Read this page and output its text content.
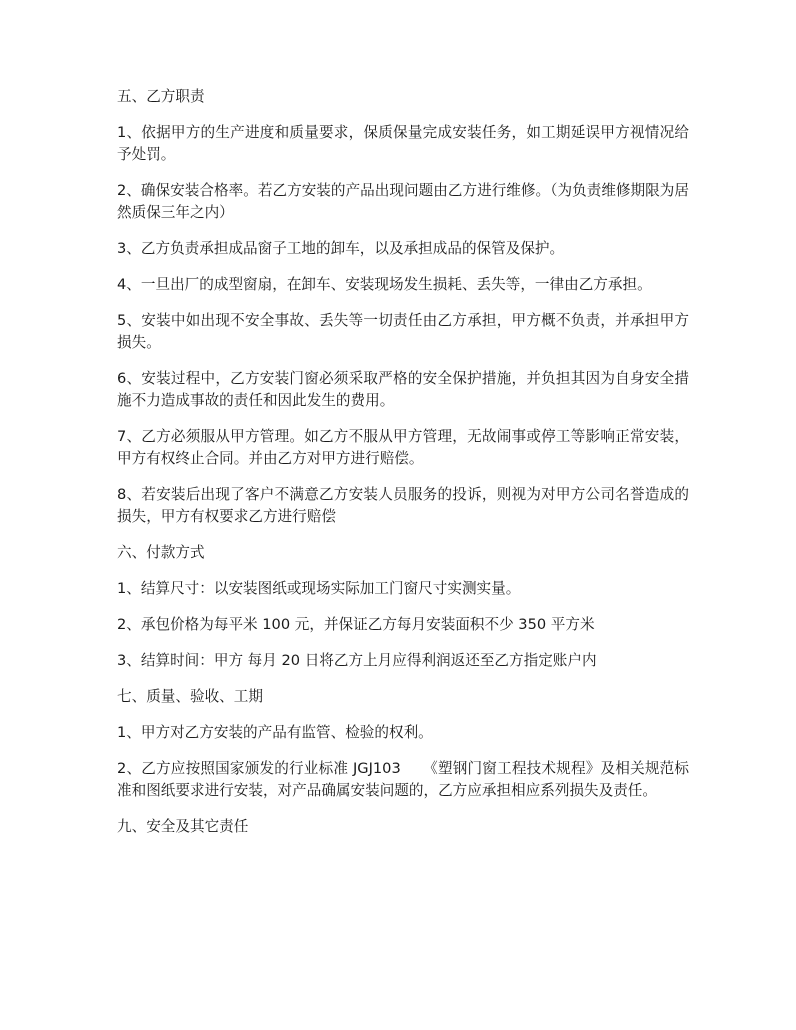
五、乙方职责

1、依据甲方的生产进度和质量要求，保质保量完成安装任务，如工期延误甲方视情况给予处罚。

2、确保安装合格率。若乙方安装的产品出现问题由乙方进行维修。（为负责维修期限为居然质保三年之内）

3、乙方负责承担成品窗子工地的卸车，以及承担成品的保管及保护。

4、一旦出厂的成型窗扇，在卸车、安装现场发生损耗、丢失等，一律由乙方承担。

5、安装中如出现不安全事故、丢失等一切责任由乙方承担，甲方概不负责，并承担甲方损失。

6、安装过程中，乙方安装门窗必须采取严格的安全保护措施，并负担其因为自身安全措施不力造成事故的责任和因此发生的费用。

7、乙方必须服从甲方管理。如乙方不服从甲方管理，无故闹事或停工等影响正常安装，甲方有权终止合同。并由乙方对甲方进行赔偿。

8、若安装后出现了客户不满意乙方安装人员服务的投诉，则视为对甲方公司名誉造成的损失，甲方有权要求乙方进行赔偿

六、付款方式

1、结算尺寸：以安装图纸或现场实际加工门窗尺寸实测实量。

2、承包价格为每平米 100 元，并保证乙方每月安装面积不少 350 平方米

3、结算时间：甲方 每月 20 日将乙方上月应得利润返还至乙方指定账户内

七、质量、验收、工期

1、甲方对乙方安装的产品有监管、检验的权利。

2、乙方应按照国家颁发的行业标准 JGJ103　　《塑钢门窗工程技术规程》及相关规范标准和图纸要求进行安装，对产品确属安装问题的，乙方应承担相应系列损失及责任。

九、安全及其它责任
